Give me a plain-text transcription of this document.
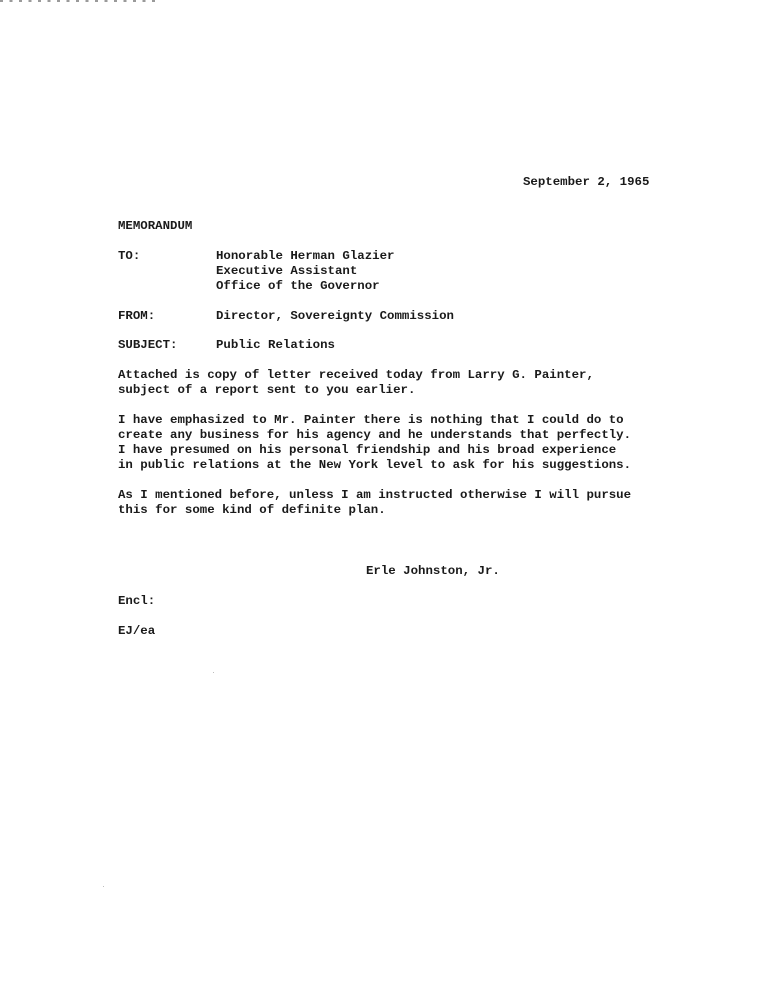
September 2, 1965
MEMORANDUM
TO:	Honorable Herman Glazier
Executive Assistant
Office of the Governor
FROM:	Director, Sovereignty Commission
SUBJECT:	Public Relations
Attached is copy of letter received today from Larry G. Painter,
subject of a report sent to you earlier.
I have emphasized to Mr. Painter there is nothing that I could do to
create any business for his agency and he understands that perfectly.
I have presumed on his personal friendship and his broad experience
in public relations at the New York level to ask for his suggestions.
As I mentioned before, unless I am instructed otherwise I will pursue
this for some kind of definite plan.
Erle Johnston, Jr.
Encl:
EJ/ea
